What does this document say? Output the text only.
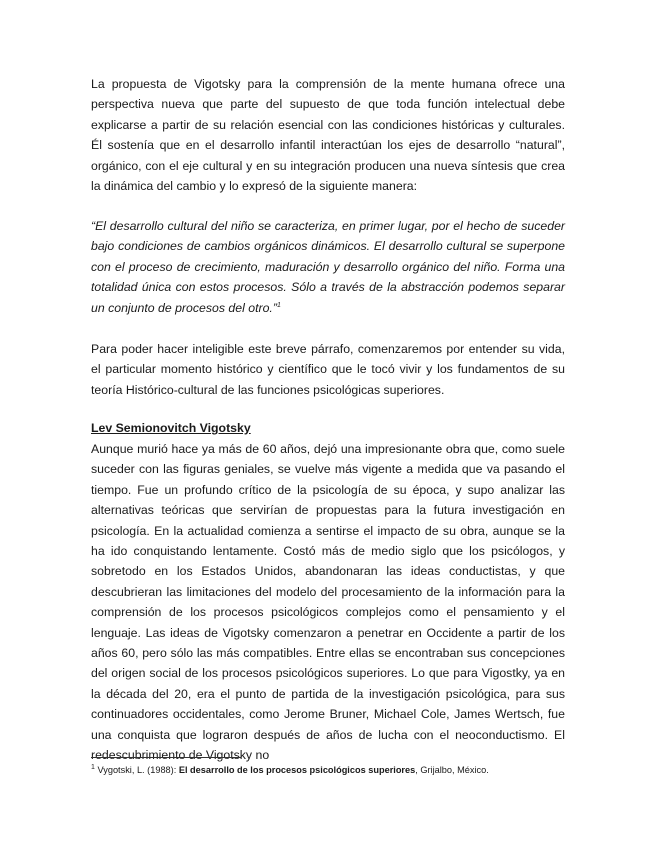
La propuesta de Vigotsky para la comprensión de la mente humana ofrece una perspectiva nueva que parte del supuesto de que toda función intelectual debe explicarse a partir de su relación esencial con las condiciones históricas y culturales. Él sostenía que en el desarrollo infantil interactúan los ejes de desarrollo “natural”, orgánico, con el eje cultural y en su integración producen una nueva síntesis que crea la dinámica del cambio y lo expresó de la siguiente manera:

“El desarrollo cultural del niño se caracteriza, en primer lugar, por el hecho de suceder bajo condiciones de cambios orgánicos dinámicos. El desarrollo cultural se superpone con el proceso de crecimiento, maduración y desarrollo orgánico del niño. Forma una totalidad única con estos procesos. Sólo a través de la abstracción podemos separar un conjunto de procesos del otro.”$^1$

Para poder hacer inteligible este breve párrafo, comenzaremos por entender su vida, el particular momento histórico y científico que le tocó vivir y los fundamentos de su teoría Histórico-cultural de las funciones psicológicas superiores.

Lev Semionovitch Vigotsky

Aunque murió hace ya más de 60 años, dejó una impresionante obra que, como suele suceder con las figuras geniales, se vuelve más vigente a medida que va pasando el tiempo. Fue un profundo crítico de la psicología de su época, y supo analizar las alternativas teóricas que servirían de propuestas para la futura investigación en psicología. En la actualidad comienza a sentirse el impacto de su obra, aunque se la ha ido conquistando lentamente. Costó más de medio siglo que los psicólogos, y sobretodo en los Estados Unidos, abandonaran las ideas conductistas, y que descubrieran las limitaciones del modelo del procesamiento de la información para la comprensión de los procesos psicológicos complejos como el pensamiento y el lenguaje. Las ideas de Vigotsky comenzaron a penetrar en Occidente a partir de los años 60, pero sólo las más compatibles. Entre ellas se encontraban sus concepciones del origen social de los procesos psicológicos superiores. Lo que para Vigostky, ya en la década del 20, era el punto de partida de la investigación psicológica, para sus continuadores occidentales, como Jerome Bruner, Michael Cole, James Wertsch, fue una conquista que lograron después de años de lucha con el neoconductismo. El redescubrimiento de Vigotsky no

$^1$ Vygotski, L. (1988): El desarrollo de los procesos psicológicos superiores, Grijalbo, México.
